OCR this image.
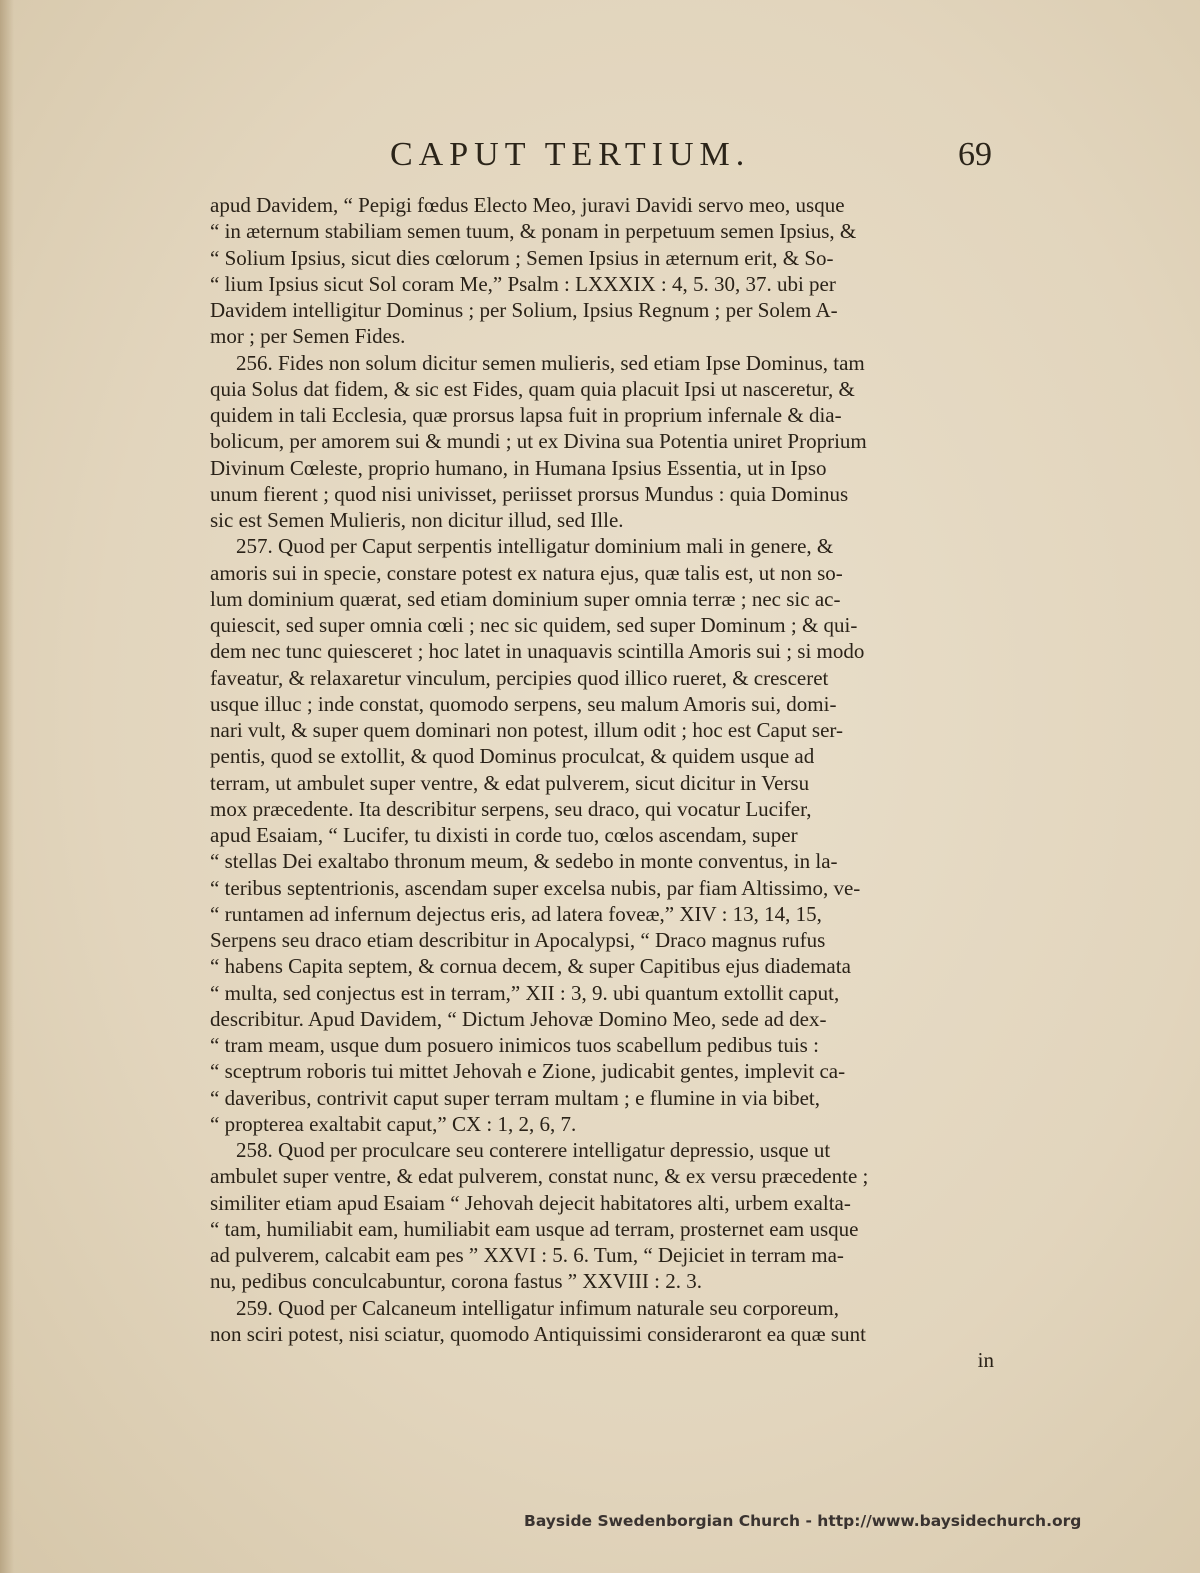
CAPUT TERTIUM.	69
apud Davidem, “ Pepigi fœdus Electo Meo, juravi Davidi servo meo, usque
“ in æternum stabiliam semen tuum, & ponam in perpetuum semen Ipsius, &
“ Solium Ipsius, sicut dies cœlorum ; Semen Ipsius in æternum erit, & So-
“ lium Ipsius sicut Sol coram Me,” Psalm : LXXXIX : 4, 5. 30, 37. ubi per
Davidem intelligitur Dominus ; per Solium, Ipsius Regnum ; per Solem A-
mor ; per Semen Fides.
256. Fides non solum dicitur semen mulieris, sed etiam Ipse Dominus, tam
quia Solus dat fidem, & sic est Fides, quam quia placuit Ipsi ut nasceretur, &
quidem in tali Ecclesia, quæ prorsus lapsa fuit in proprium infernale & dia-
bolicum, per amorem sui & mundi ; ut ex Divina sua Potentia uniret Proprium
Divinum Cœleste, proprio humano, in Humana Ipsius Essentia, ut in Ipso
unum fierent ; quod nisi univisset, periisset prorsus Mundus : quia Dominus
sic est Semen Mulieris, non dicitur illud, sed Ille.
257. Quod per Caput serpentis intelligatur dominium mali in genere, &
amoris sui in specie, constare potest ex natura ejus, quæ talis est, ut non so-
lum dominium quærat, sed etiam dominium super omnia terræ ; nec sic ac-
quiescit, sed super omnia cœli ; nec sic quidem, sed super Dominum ; & qui-
dem nec tunc quiesceret ; hoc latet in unaquavis scintilla Amoris sui ; si modo
faveatur, & relaxaretur vinculum, percipies quod illico rueret, & cresceret
usque illuc ; inde constat, quomodo serpens, seu malum Amoris sui, domi-
nari vult, & super quem dominari non potest, illum odit ; hoc est Caput ser-
pentis, quod se extollit, & quod Dominus proculcat, & quidem usque ad
terram, ut ambulet super ventre, & edat pulverem, sicut dicitur in Versu
mox præcedente. Ita describitur serpens, seu draco, qui vocatur Lucifer,
apud Esaiam, “ Lucifer, tu dixisti in corde tuo, cœlos ascendam, super
“ stellas Dei exaltabo thronum meum, & sedebo in monte conventus, in la-
“ teribus septentrionis, ascendam super excelsa nubis, par fiam Altissimo, ve-
“ runtamen ad infernum dejectus eris, ad latera foveæ,” XIV : 13, 14, 15,
Serpens seu draco etiam describitur in Apocalypsi, “ Draco magnus rufus
“ habens Capita septem, & cornua decem, & super Capitibus ejus diademata
“ multa, sed conjectus est in terram,” XII : 3, 9. ubi quantum extollit caput,
describitur. Apud Davidem, “ Dictum Jehovæ Domino Meo, sede ad dex-
“ tram meam, usque dum posuero inimicos tuos scabellum pedibus tuis :
“ sceptrum roboris tui mittet Jehovah e Zione, judicabit gentes, implevit ca-
“ daveribus, contrivit caput super terram multam ; e flumine in via bibet,
“ propterea exaltabit caput,” CX : 1, 2, 6, 7.
258. Quod per proculcare seu conterere intelligatur depressio, usque ut
ambulet super ventre, & edat pulverem, constat nunc, & ex versu præcedente ;
similiter etiam apud Esaiam “ Jehovah dejecit habitatores alti, urbem exalta-
“ tam, humiliabit eam, humiliabit eam usque ad terram, prosternet eam usque
ad pulverem, calcabit eam pes ” XXVI : 5. 6. Tum, “ Dejiciet in terram ma-
nu, pedibus conculcabuntur, corona fastus ” XXVIII : 2. 3.
259. Quod per Calcaneum intelligatur infimum naturale seu corporeum,
non sciri potest, nisi sciatur, quomodo Antiquissimi consideraront ea quæ sunt
in
Bayside Swedenborgian Church - http://www.baysidechurch.org
